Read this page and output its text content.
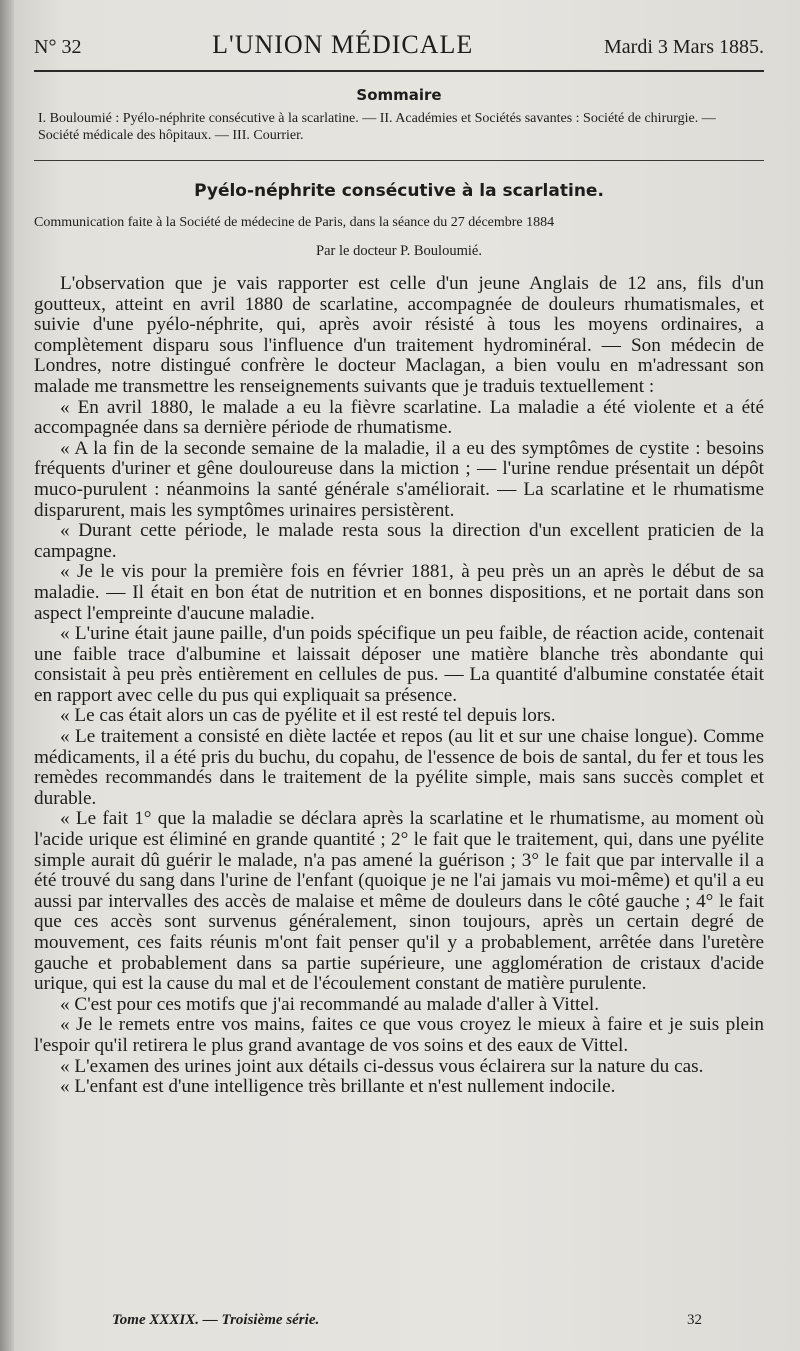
N° 32	L'UNION MÉDICALE	Mardi 3 Mars 1885.
Sommaire
I. Bouloumié : Pyélo-néphrite consécutive à la scarlatine. — II. Académies et Sociétés savantes : Société de chirurgie. — Société médicale des hôpitaux. — III. Courrier.
Pyélo-néphrite consécutive à la scarlatine.
Communication faite à la Société de médecine de Paris, dans la séance du 27 décembre 1884
Par le docteur P. Bouloumié.

L'observation que je vais rapporter est celle d'un jeune Anglais de 12 ans, fils d'un goutteux, atteint en avril 1880 de scarlatine, accompagnée de douleurs rhumatismales, et suivie d'une pyélo-néphrite, qui, après avoir résisté à tous les moyens ordinaires, a complètement disparu sous l'influence d'un traitement hydrominéral. — Son médecin de Londres, notre distingué confrère le docteur Maclagan, a bien voulu en m'adressant son malade me transmettre les renseignements suivants que je traduis textuellement :

« En avril 1880, le malade a eu la fièvre scarlatine. La maladie a été violente et a été accompagnée dans sa dernière période de rhumatisme.

« A la fin de la seconde semaine de la maladie, il a eu des symptômes de cystite : besoins fréquents d'uriner et gêne douloureuse dans la miction ; — l'urine rendue présentait un dépôt muco-purulent : néanmoins la santé générale s'améliorait. — La scarlatine et le rhumatisme disparurent, mais les symptômes urinaires persistèrent.

« Durant cette période, le malade resta sous la direction d'un excellent praticien de la campagne.

« Je le vis pour la première fois en février 1881, à peu près un an après le début de sa maladie. — Il était en bon état de nutrition et en bonnes dispositions, et ne portait dans son aspect l'empreinte d'aucune maladie.

« L'urine était jaune paille, d'un poids spécifique un peu faible, de réaction acide, contenait une faible trace d'albumine et laissait déposer une matière blanche très abondante qui consistait à peu près entièrement en cellules de pus. — La quantité d'albumine constatée était en rapport avec celle du pus qui expliquait sa présence.

« Le cas était alors un cas de pyélite et il est resté tel depuis lors.

« Le traitement a consisté en diète lactée et repos (au lit et sur une chaise longue). Comme médicaments, il a été pris du buchu, du copahu, de l'essence de bois de santal, du fer et tous les remèdes recommandés dans le traitement de la pyélite simple, mais sans succès complet et durable.

« Le fait 1° que la maladie se déclara après la scarlatine et le rhumatisme, au moment où l'acide urique est éliminé en grande quantité ; 2° le fait que le traitement, qui, dans une pyélite simple aurait dû guérir le malade, n'a pas amené la guérison ; 3° le fait que par intervalle il a été trouvé du sang dans l'urine de l'enfant (quoique je ne l'ai jamais vu moi-même) et qu'il a eu aussi par intervalles des accès de malaise et même de douleurs dans le côté gauche ; 4° le fait que ces accès sont survenus généralement, sinon toujours, après un certain degré de mouvement, ces faits réunis m'ont fait penser qu'il y a probablement, arrêtée dans l'uretère gauche et probablement dans sa partie supérieure, une agglomération de cristaux d'acide urique, qui est la cause du mal et de l'écoulement constant de matière purulente.

« C'est pour ces motifs que j'ai recommandé au malade d'aller à Vittel.

« Je le remets entre vos mains, faites ce que vous croyez le mieux à faire et je suis plein l'espoir qu'il retirera le plus grand avantage de vos soins et des eaux de Vittel.

« L'examen des urines joint aux détails ci-dessus vous éclairera sur la nature du cas.

« L'enfant est d'une intelligence très brillante et n'est nullement indocile.

Tome XXXIX. — Troisième série.	32
